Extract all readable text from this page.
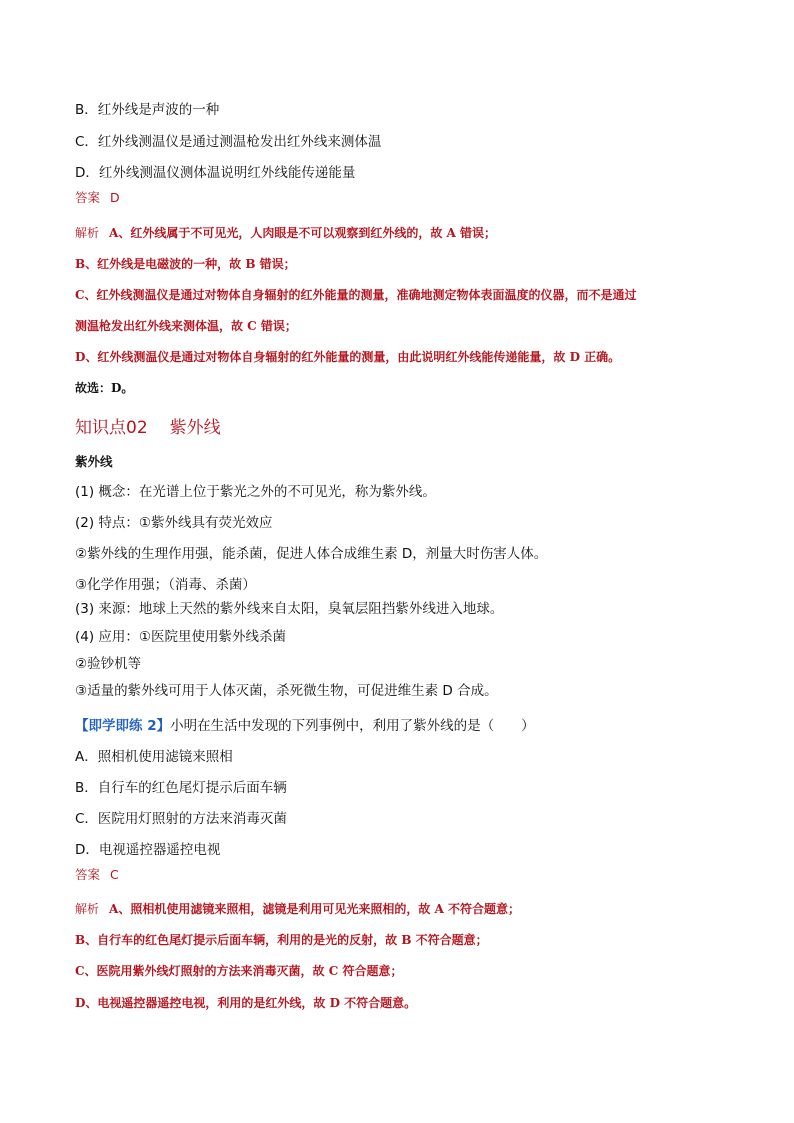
B．红外线是声波的一种
C．红外线测温仪是通过测温枪发出红外线来测体温
D．红外线测温仪测体温说明红外线能传递能量
答案 D
解析 A、红外线属于不可见光，人肉眼是不可以观察到红外线的，故 A 错误；
B、红外线是电磁波的一种，故 B 错误；
C、红外线测温仪是通过对物体自身辐射的红外能量的测量，准确地测定物体表面温度的仪器，而不是通过
测温枪发出红外线来测体温，故 C 错误；
D、红外线测温仪是通过对物体自身辐射的红外能量的测量，由此说明红外线能传递能量，故 D 正确。
故选：D。
知识点02 紫外线
紫外线
(1) 概念：在光谱上位于紫光之外的不可见光，称为紫外线。
(2) 特点：①紫外线具有荧光效应
②紫外线的生理作用强，能杀菌，促进人体合成维生素 D，剂量大时伤害人体。
③化学作用强；（消毒、杀菌）
(3) 来源：地球上天然的紫外线来自太阳，臭氧层阻挡紫外线进入地球。
(4) 应用：①医院里使用紫外线杀菌
②验钞机等
③适量的紫外线可用于人体灭菌，杀死微生物，可促进维生素 D 合成。
【即学即练 2】小明在生活中发现的下列事例中，利用了紫外线的是（　　）
A．照相机使用滤镜来照相
B．自行车的红色尾灯提示后面车辆
C．医院用灯照射的方法来消毒灭菌
D．电视遥控器遥控电视
答案 C
解析 A、照相机使用滤镜来照相，滤镜是利用可见光来照相的，故 A 不符合题意；
B、自行车的红色尾灯提示后面车辆，利用的是光的反射，故 B 不符合题意；
C、医院用紫外线灯照射的方法来消毒灭菌，故 C 符合题意；
D、电视遥控器遥控电视，利用的是红外线，故 D 不符合题意。
